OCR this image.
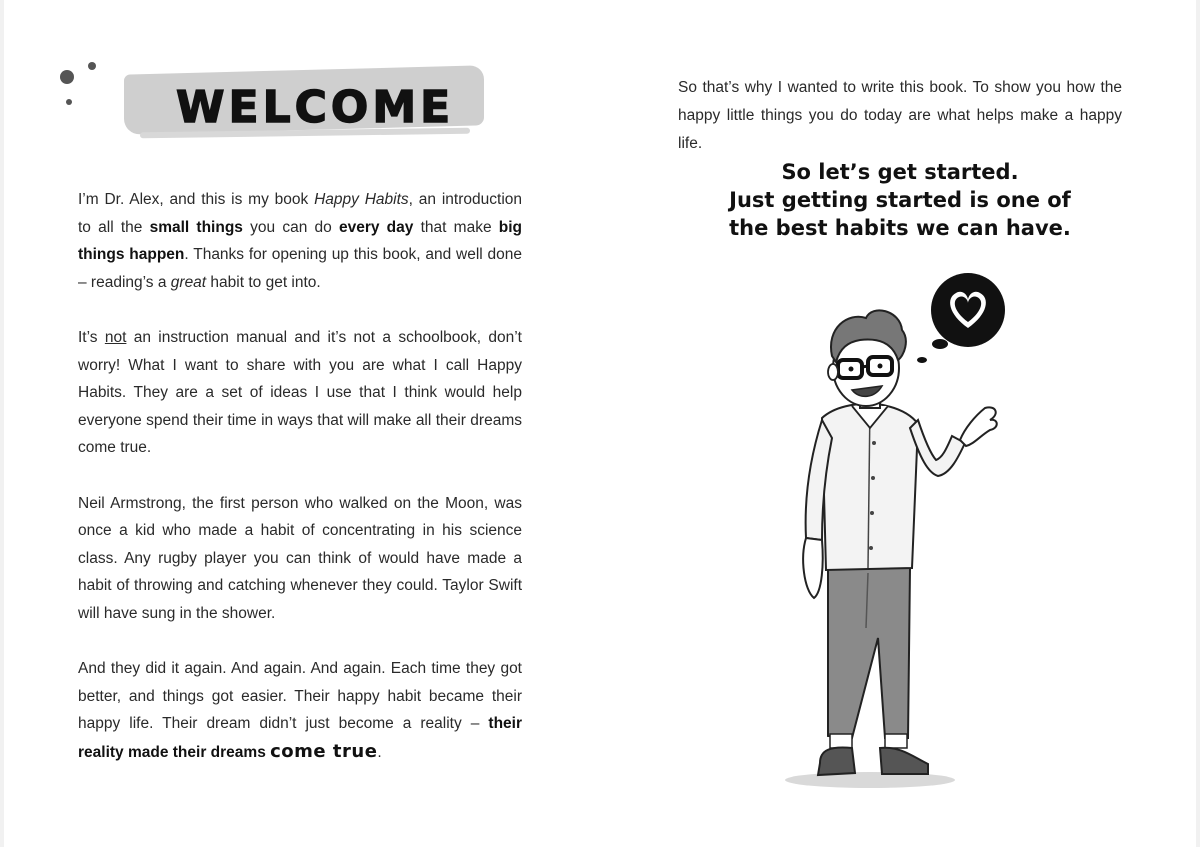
WELCOME

I’m Dr. Alex, and this is my book Happy Habits, an introduction to all the small things you can do every day that make big things happen. Thanks for opening up this book, and well done – reading’s a great habit to get into.

It’s not an instruction manual and it’s not a schoolbook, don’t worry! What I want to share with you are what I call Happy Habits. They are a set of ideas I use that I think would help everyone spend their time in ways that will make all their dreams come true.

Neil Armstrong, the first person who walked on the Moon, was once a kid who made a habit of concentrating in his science class. Any rugby player you can think of would have made a habit of throwing and catching whenever they could. Taylor Swift will have sung in the shower.

And they did it again. And again. And again. Each time they got better, and things got easier. Their happy habit became their happy life. Their dream didn’t just become a reality – their reality made their dreams come true.

So that’s why I wanted to write this book. To show you how the happy little things you do today are what helps make a happy life.

So let’s get started.
Just getting started is one of
the best habits we can have.
